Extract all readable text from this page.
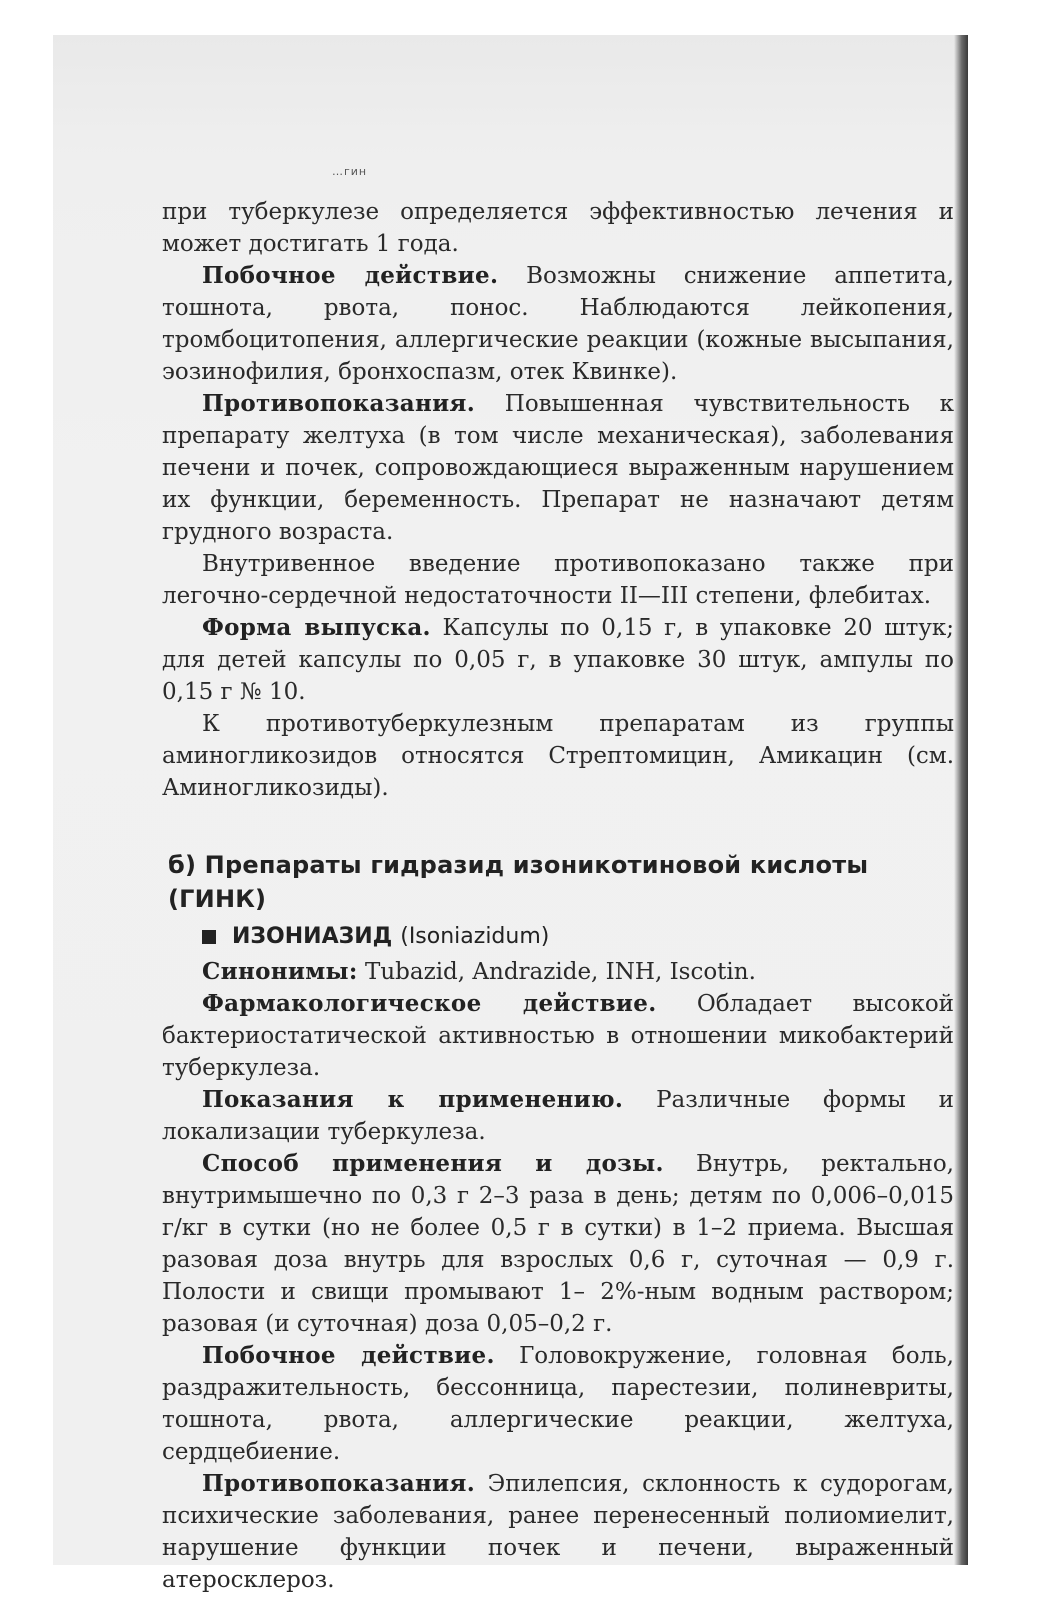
…гин

при туберкулезе определяется эффективностью лечения и может достигать 1 года.

Побочное действие. Возможны снижение аппетита, тошнота, рвота, понос. Наблюдаются лейкопения, тромбоцитопения, аллергические реакции (кожные высыпания, эозинофилия, бронхоспазм, отек Квинке).

Противопоказания. Повышенная чувствительность к препарату желтуха (в том числе механическая), заболевания печени и почек, сопровождающиеся выраженным нарушением их функции, беременность. Препарат не назначают детям грудного возраста.

Внутривенное введение противопоказано также при легочно-сердечной недостаточности II—III степени, флебитах.

Форма выпуска. Капсулы по 0,15 г, в упаковке 20 штук; для детей капсулы по 0,05 г, в упаковке 30 штук, ампулы по 0,15 г № 10.

К противотуберкулезным препаратам из группы аминогликозидов относятся Стрептомицин, Амикацин (см. Аминогликозиды).

б) Препараты гидразид изоникотиновой кислоты (ГИНК)
ИЗОНИАЗИД (Isoniazidum)

Синонимы: Tubazid, Andrazide, INH, Iscotin.

Фармакологическое действие. Обладает высокой бактериостатической активностью в отношении микобактерий туберкулеза.

Показания к применению. Различные формы и локализации туберкулеза.

Способ применения и дозы. Внутрь, ректально, внутримышечно по 0,3 г 2–3 раза в день; детям по 0,006–0,015 г/кг в сутки (но не более 0,5 г в сутки) в 1–2 приема. Высшая разовая доза внутрь для взрослых 0,6 г, суточная — 0,9 г. Полости и свищи промывают 1– 2%-ным водным раствором; разовая (и суточная) доза 0,05–0,2 г.

Побочное действие. Головокружение, головная боль, раздражительность, бессонница, парестезии, полиневриты, тошнота, рвота, аллергические реакции, желтуха, сердцебиение.

Противопоказания. Эпилепсия, склонность к судорогам, психические заболевания, ранее перенесенный полиомиелит, нарушение функции почек и печени, выраженный атеросклероз.
